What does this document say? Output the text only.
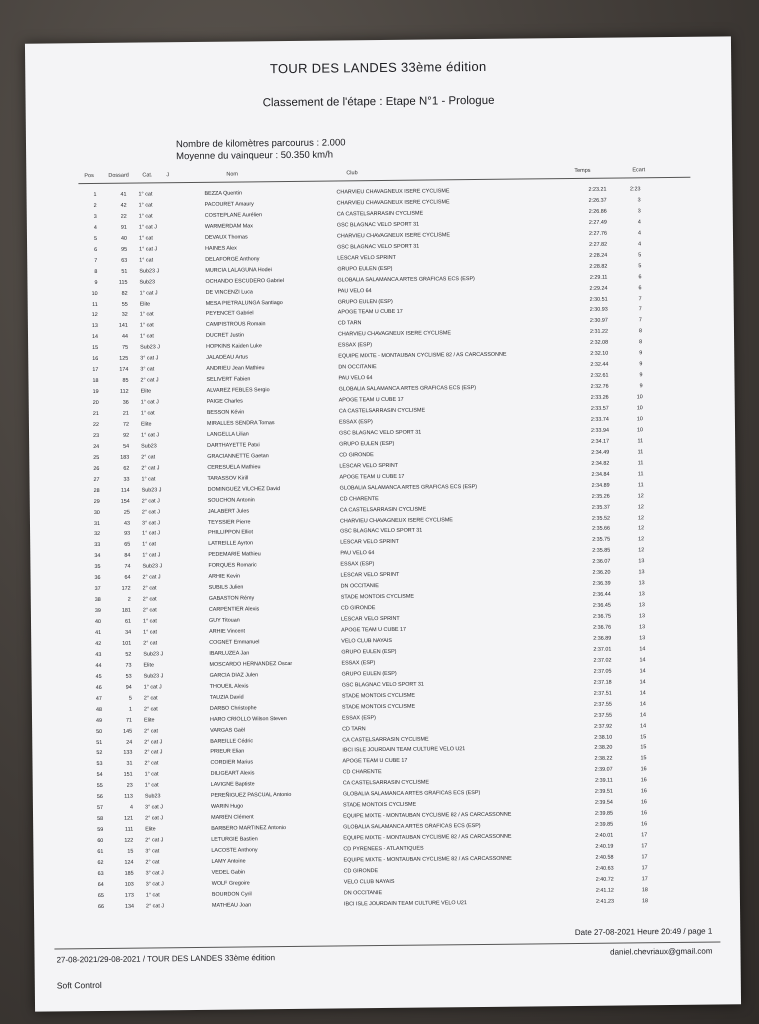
TOUR DES LANDES 33ème édition
Classement de l'étape : Etape N°1 - Prologue
Nombre de kilomètres parcourus : 2.000
Moyenne du vainqueur : 50.350 km/h
Pos	Dossard Cat.	J	Nom	Club	Temps	Ecart
1	41 1° cat	BEZZA Quentin	CHARVIEU CHAVAGNEUX ISERE CYCLISME	2:23.21	2:23
2	42 1° cat	PACOURET Amaury	CHARVIEU CHAVAGNEUX ISERE CYCLISME	2:26.37	3
3	22 1° cat	COSTEPLANE Aurélien	CA CASTELSARRASIN CYCLISME	2:26.86	3
4	91 1° cat J	WARMERDAM Max	GSC BLAGNAC VELO SPORT 31	2:27.49	4
5	40 1° cat	DEVAUX Thomas	CHARVIEU CHAVAGNEUX ISERE CYCLISME	2:27.76	4
6	95 1° cat J	HAINES Alex	GSC BLAGNAC VELO SPORT 31	2:27.82	4
7	63 1° cat	DELAFORGE Anthony	LESCAR VELO SPRINT	2:28.24	5
8	51 Sub23 J	MURCIA LALAGUNA Hodei	GRUPO EULEN (ESP)	2:28.82	5
9	115 Sub23	OCHANDO ESCUDERO Gabriel	GLOBALIA SALAMANCA ARTES GRAFICAS ECS (ESP)	2:29.11	6
10	82 1° cat J	DE VINCENZI Luca	PAU VELO 64	2:29.24	6
11	55 Elite	MESA PIETRALUNGA Santiago	GRUPO EULEN (ESP)	2:30.51	7
12	32 1° cat	PEYENCET Gabriel	APOGE TEAM U CUBE 17	2:30.93	7
13	141 1° cat	CAMPISTROUS Romain	CD TARN	2:30.97	7
14	44 1° cat	DUCRET Justin	CHARVIEU CHAVAGNEUX ISERE CYCLISME	2:31.22	8
15	75 Sub23 J	HOPKINS Kaiden Luke	ESSAX (ESP)	2:32.08	8
16	125 3° cat J	JALADEAU Artus	EQUIPE MIXTE - MONTAUBAN CYCLISME 82 / AS CARCASSONNE	2:32.10	9
17	174 3° cat	ANDRIEU Jean Mathieu	DN OCCITANIE	2:32.44	9
18	85 2° cat J	SELIVERT Fabien	PAU VELO 64	2:32.61	9
19	112 Elite	ALVAREZ FEBLES Sergio	GLOBALIA SALAMANCA ARTES GRAFICAS ECS (ESP)	2:32.76	9
20	36 1° cat J	PAIGE Charles	APOGE TEAM U CUBE 17	2:33.26	10
21	21 1° cat	BESSON Kévin	CA CASTELSARRASIN CYCLISME	2:33.57	10
22	72 Elite	MIRALLES SENDRA Tomas	ESSAX (ESP)	2:33.74	10
23	92 1° cat J	LANGELLA Lilian	GSC BLAGNAC VELO SPORT 31	2:33.94	10
24	54 Sub23	DARTHAYETTE Patxi	GRUPO EULEN (ESP)	2:34.17	11
25	183 2° cat	GRACIANNETTE Gaetan	CD GIRONDE	2:34.49	11
26	62 2° cat J	CERESUELA Mathieu	LESCAR VELO SPRINT	2:34.82	11
27	33 1° cat	TARASSOV Kirill	APOGE TEAM U CUBE 17	2:34.84	11
28	114 Sub23 J	DOMINGUEZ VILCHEZ David	GLOBALIA SALAMANCA ARTES GRAFICAS ECS (ESP)	2:34.89	11
29	154 2° cat J	SOUCHON Antonin	CD CHARENTE	2:35.26	12
30	25 2° cat J	JALABERT Jules	CA CASTELSARRASIN CYCLISME	2:35.37	12
31	43 3° cat J	TEYSSIER Pierre	CHARVIEU CHAVAGNEUX ISERE CYCLISME	2:35.52	12
32	93 1° cat J	PHILLIPPON Elliot	GSC BLAGNAC VELO SPORT 31	2:35.66	12
33	65 1° cat	LATREILLE Ayrton	LESCAR VELO SPRINT	2:35.75	12
34	84 1° cat J	PEDEMARIE Mathieu	PAU VELO 64	2:35.85	12
35	74 Sub23 J	FORQUES Romaric	ESSAX (ESP)	2:36.07	13
36	64 2° cat J	ARHIE Kevin	LESCAR VELO SPRINT	2:36.20	13
37	172 2° cat	SUBILS Julien	DN OCCITANIE	2:36.39	13
38	2 2° cat	GABASTON Rémy	STADE MONTOIS CYCLISME	2:36.44	13
39	181 2° cat	CARPENTIER Alexis	CD GIRONDE	2:36.45	13
40	61 1° cat	GUY Titouan	LESCAR VELO SPRINT	2:36.75	13
41	34 1° cat	ARHIE Vincent	APOGE TEAM U CUBE 17	2:36.76	13
42	101 2° cat	COGNET Emmanuel	VELO CLUB NAYAIS	2:36.89	13
43	52 Sub23 J	IBARLUZEA Jan	GRUPO EULEN (ESP)	2:37.01	14
44	73 Elite	MOSCARDO HERNANDEZ Oscar	ESSAX (ESP)	2:37.02	14
45	53 Sub23 J	GARCIA DIAZ Julen	GRUPO EULEN (ESP)	2:37.05	14
46	94 1° cat J	THOUEIL Alexis	GSC BLAGNAC VELO SPORT 31	2:37.18	14
47	5 2° cat	TAUZIA David	STADE MONTOIS CYCLISME	2:37.51	14
48	1 2° cat	DARBO Christophe	STADE MONTOIS CYCLISME	2:37.55	14
49	71 Elite	HARO CRIOLLO Wilson Steven	ESSAX (ESP)	2:37.55	14
50	145 2° cat	VARGAS Gaël	CD TARN	2:37.92	14
51	24 2° cat J	BAREILLE Cédric	CA CASTELSARRASIN CYCLISME	2:38.10	15
52	133 2° cat J	PRIEUR Elian	IBCI ISLE JOURDAIN TEAM CULTURE VELO U21	2:38.20	15
53	31 2° cat	CORDIER Marius	APOGE TEAM U CUBE 17	2:38.22	15
54	151 1° cat	DILIGEART Alexis	CD CHARENTE	2:39.07	16
55	23 1° cat	LAVIGNE Baptiste	CA CASTELSARRASIN CYCLISME	2:39.11	16
56	113 Sub23	PEREÑIGUEZ PASCUAL Antonio	GLOBALIA SALAMANCA ARTES GRAFICAS ECS (ESP)	2:39.51	16
57	4 3° cat J	WARIN Hugo	STADE MONTOIS CYCLISME	2:39.54	16
58	121 2° cat J	MARIEN Clément	EQUIPE MIXTE - MONTAUBAN CYCLISME 82 / AS CARCASSONNE	2:39.85	16
59	111 Elite	BARBERO MARTINEZ Antonio	GLOBALIA SALAMANCA ARTES GRAFICAS ECS (ESP)	2:39.85	16
60	122 2° cat J	LETURGIE Bastien	EQUIPE MIXTE - MONTAUBAN CYCLISME 82 / AS CARCASSONNE	2:40.01	17
61	15 3° cat	LACOSTE Anthony	CD PYRENEES - ATLANTIQUES	2:40.19	17
62	124 2° cat	LAMY Antoine	EQUIPE MIXTE - MONTAUBAN CYCLISME 82 / AS CARCASSONNE	2:40.58	17
63	185 3° cat J	VEDEL Gabin	CD GIRONDE	2:40.63	17
64	103 3° cat J	WOLF Gregoire	VELO CLUB NAYAIS	2:40.72	17
65	173 1° cat	BOURDON Cyril	DN OCCITANIE	2:41.12	18
66	134 2° cat J	MATHEAU Joan	IBCI ISLE JOURDAIN TEAM CULTURE VELO U21	2:41.23	18
Date 27-08-2021 Heure 20:49 / page 1
27-08-2021/29-08-2021 / TOUR DES LANDES 33ème édition
daniel.chevriaux@gmail.com
Soft Control
